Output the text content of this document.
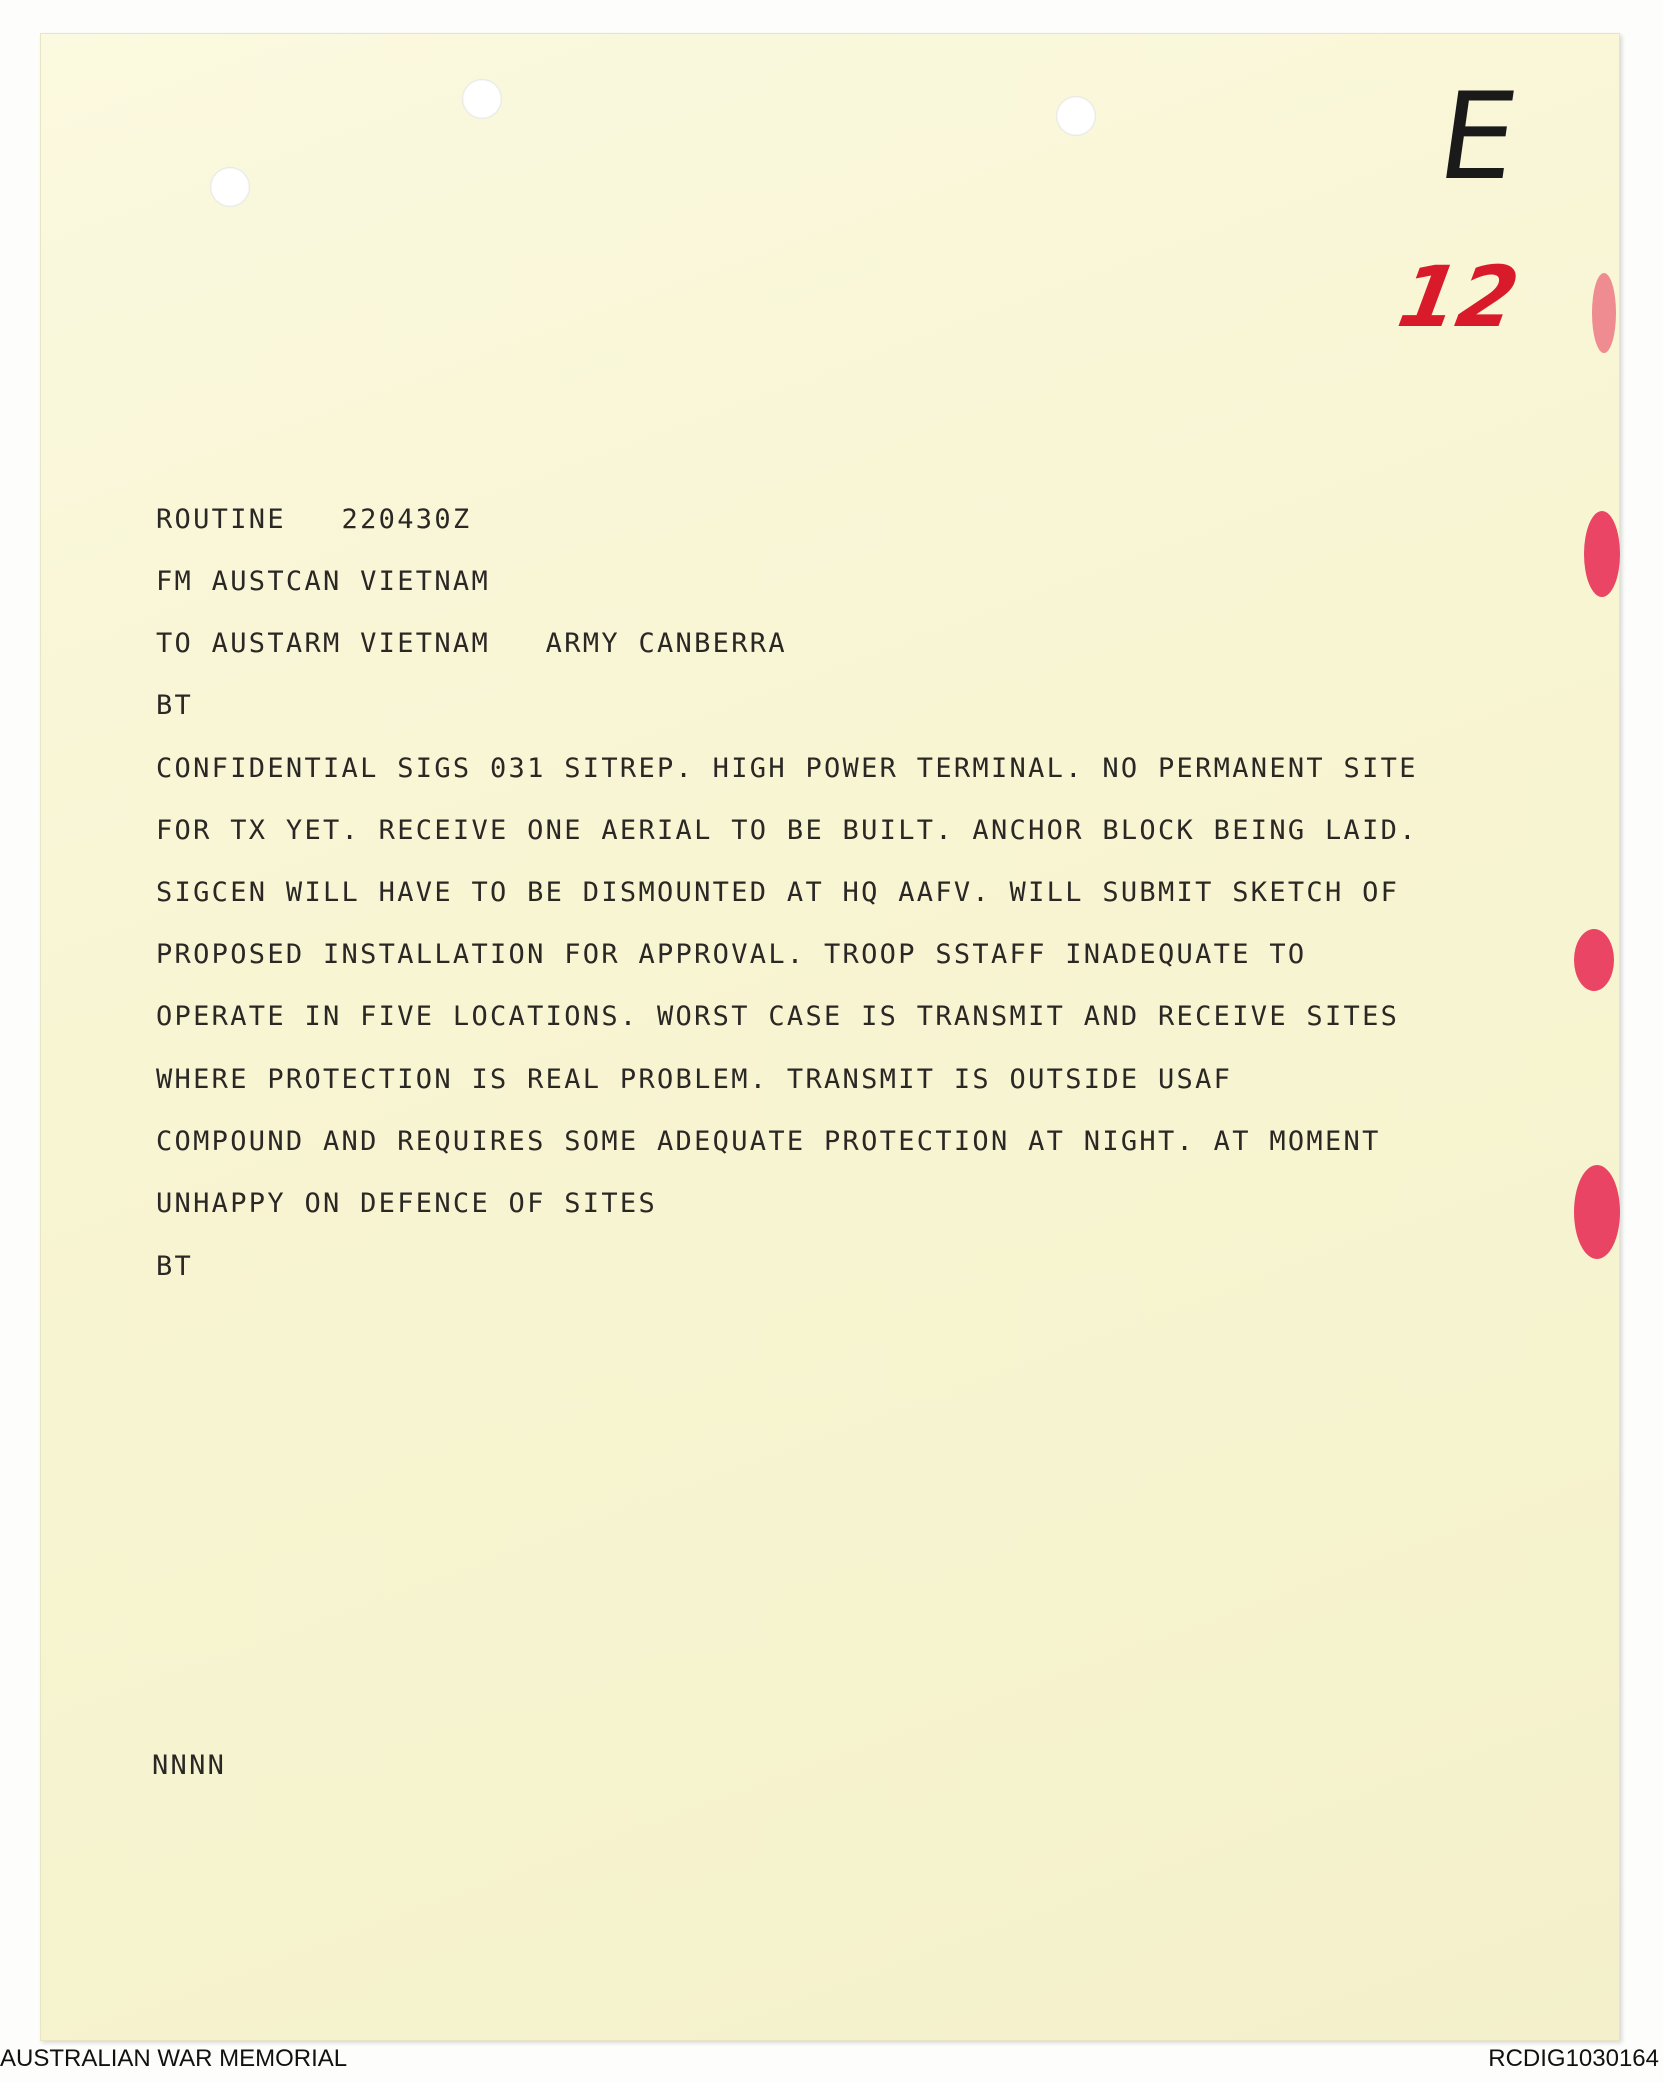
E
12

ROUTINE   220430Z

FM AUSTCAN VIETNAM

TO AUSTARM VIETNAM   ARMY CANBERRA

BT

CONFIDENTIAL SIGS 031 SITREP. HIGH POWER TERMINAL. NO PERMANENT SITE

FOR TX YET. RECEIVE ONE AERIAL TO BE BUILT. ANCHOR BLOCK BEING LAID.

SIGCEN WILL HAVE TO BE DISMOUNTED AT HQ AAFV. WILL SUBMIT SKETCH OF

PROPOSED INSTALLATION FOR APPROVAL. TROOP SSTAFF INADEQUATE TO

OPERATE IN FIVE LOCATIONS. WORST CASE IS TRANSMIT AND RECEIVE SITES

WHERE PROTECTION IS REAL PROBLEM. TRANSMIT IS OUTSIDE USAF

COMPOUND AND REQUIRES SOME ADEQUATE PROTECTION AT NIGHT. AT MOMENT

UNHAPPY ON DEFENCE OF SITES

BT

NNNN

AUSTRALIAN WAR MEMORIAL	RCDIG1030164
